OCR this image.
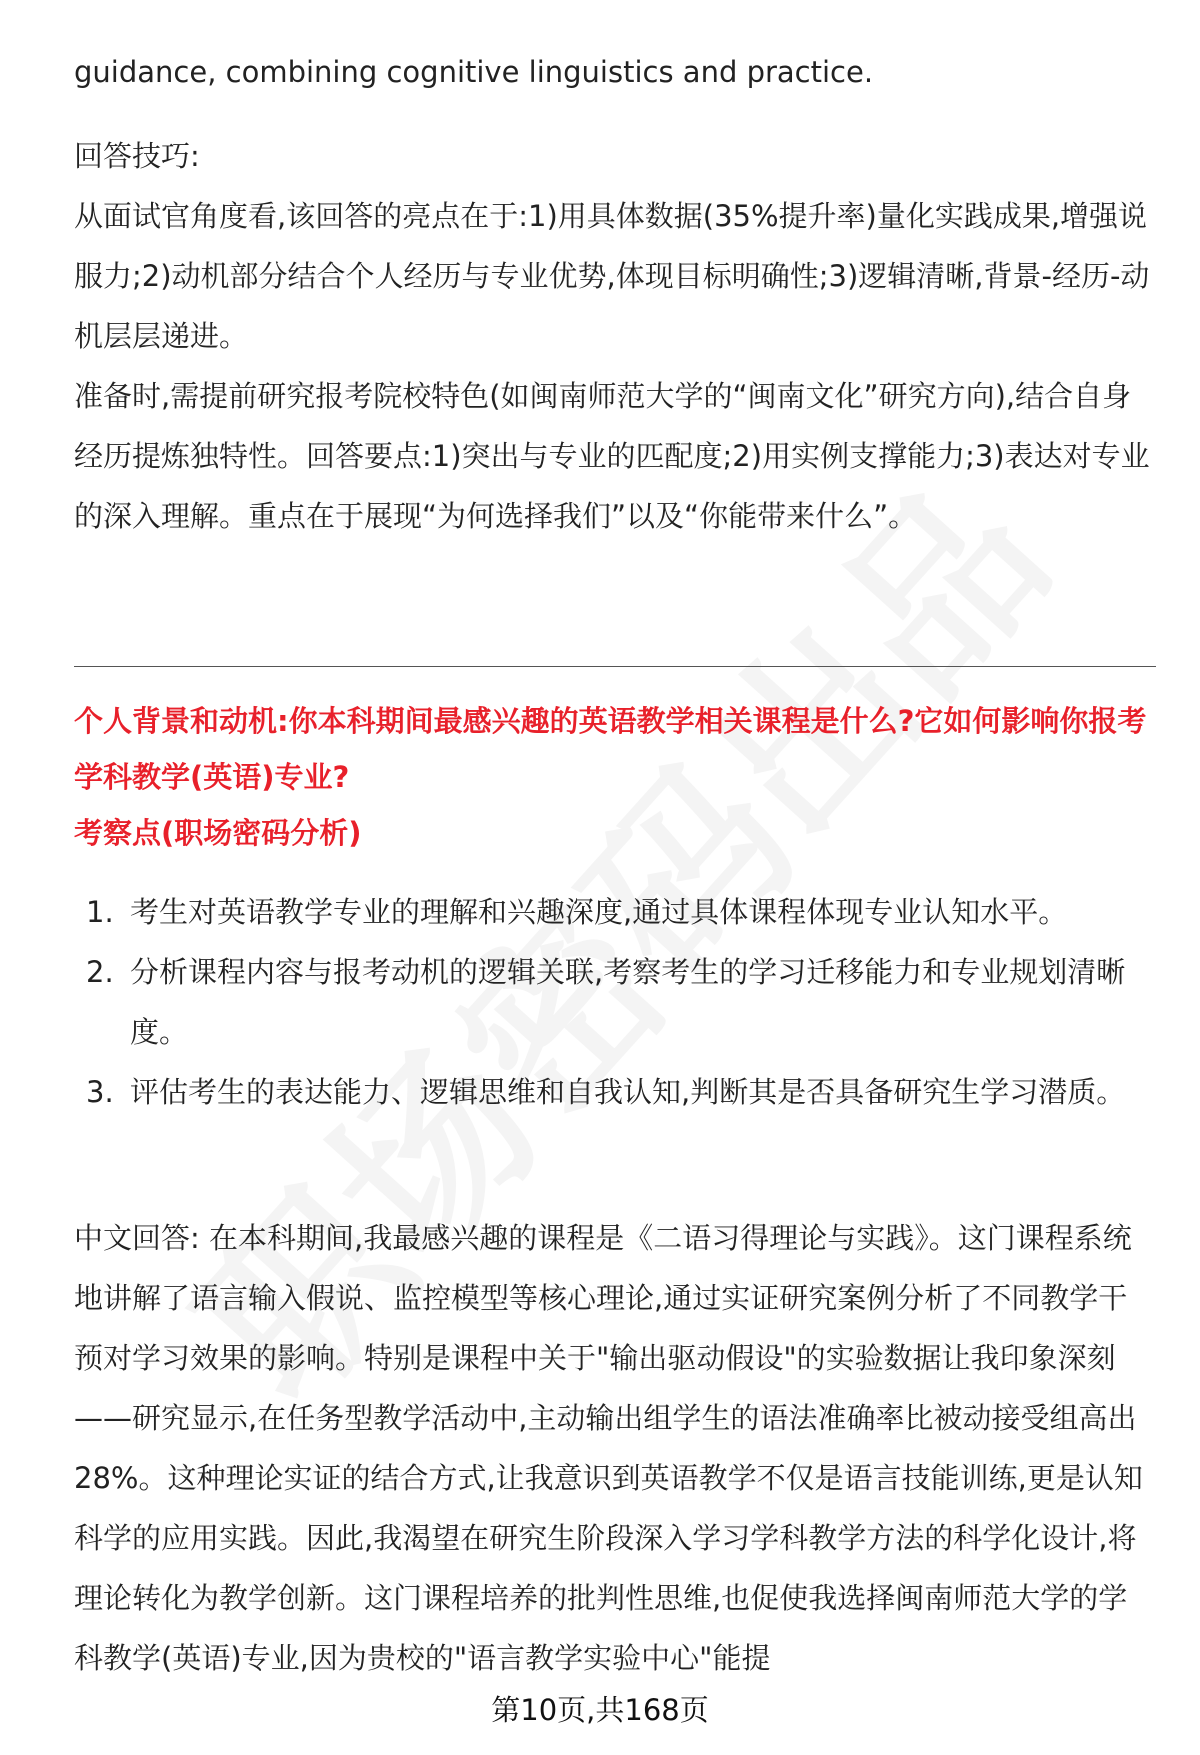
guidance, combining cognitive linguistics and practice.

回答技巧:

从面试官角度看,该回答的亮点在于:1)用具体数据(35%提升率)量化实践成果,增强说服力;2)动机部分结合个人经历与专业优势,体现目标明确性;3)逻辑清晰,背景-经历-动机层层递进。

准备时,需提前研究报考院校特色(如闽南师范大学的“闽南文化”研究方向),结合自身经历提炼独特性。回答要点:1)突出与专业的匹配度;2)用实例支撑能力;3)表达对专业的深入理解。重点在于展现“为何选择我们”以及“你能带来什么”。

个人背景和动机:你本科期间最感兴趣的英语教学相关课程是什么?它如何影响你报考学科教学(英语)专业?

考察点(职场密码分析)

1. 考生对英语教学专业的理解和兴趣深度,通过具体课程体现专业认知水平。
2. 分析课程内容与报考动机的逻辑关联,考察考生的学习迁移能力和专业规划清晰度。
3. 评估考生的表达能力、逻辑思维和自我认知,判断其是否具备研究生学习潜质。

中文回答: 在本科期间,我最感兴趣的课程是《二语习得理论与实践》。这门课程系统地讲解了语言输入假说、监控模型等核心理论,通过实证研究案例分析了不同教学干预对学习效果的影响。特别是课程中关于"输出驱动假设"的实验数据让我印象深刻——研究显示,在任务型教学活动中,主动输出组学生的语法准确率比被动接受组高出28%。这种理论实证的结合方式,让我意识到英语教学不仅是语言技能训练,更是认知科学的应用实践。因此,我渴望在研究生阶段深入学习学科教学方法的科学化设计,将理论转化为教学创新。这门课程培养的批判性思维,也促使我选择闽南师范大学的学科教学(英语)专业,因为贵校的"语言教学实验中心"能提

第10页,共168页
